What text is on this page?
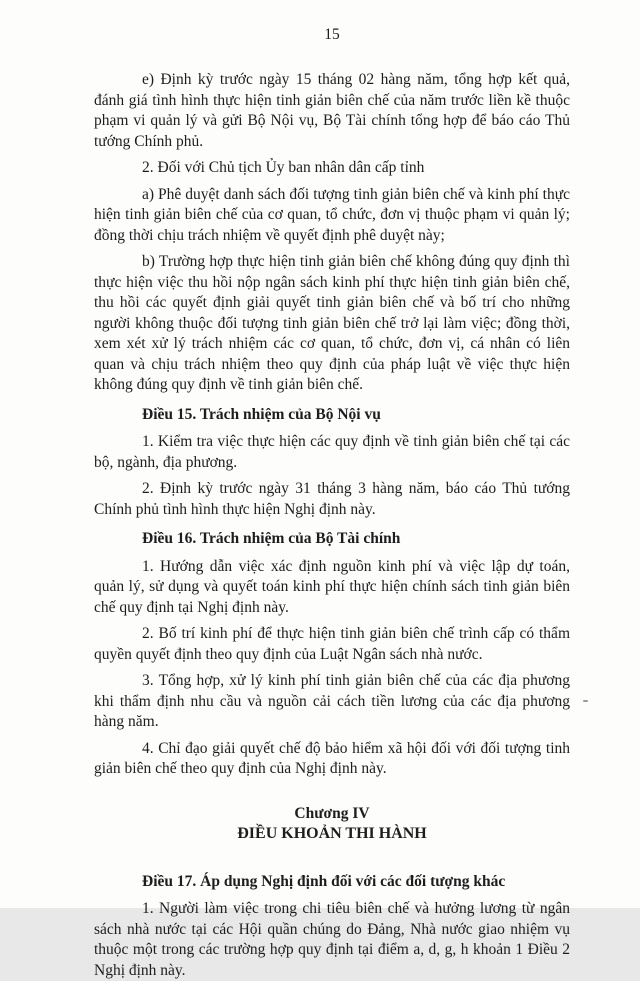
15

e) Định kỳ trước ngày 15 tháng 02 hàng năm, tổng hợp kết quả, đánh giá tình hình thực hiện tinh giản biên chế của năm trước liền kề thuộc phạm vi quản lý và gửi Bộ Nội vụ, Bộ Tài chính tổng hợp để báo cáo Thủ tướng Chính phủ.

2. Đối với Chủ tịch Ủy ban nhân dân cấp tỉnh

a) Phê duyệt danh sách đối tượng tinh giản biên chế và kinh phí thực hiện tinh giản biên chế của cơ quan, tổ chức, đơn vị thuộc phạm vi quản lý; đồng thời chịu trách nhiệm về quyết định phê duyệt này;

b) Trường hợp thực hiện tinh giản biên chế không đúng quy định thì thực hiện việc thu hồi nộp ngân sách kinh phí thực hiện tinh giản biên chế, thu hồi các quyết định giải quyết tinh giản biên chế và bố trí cho những người không thuộc đối tượng tinh giản biên chế trở lại làm việc; đồng thời, xem xét xử lý trách nhiệm các cơ quan, tổ chức, đơn vị, cá nhân có liên quan và chịu trách nhiệm theo quy định của pháp luật về việc thực hiện không đúng quy định về tinh giản biên chế.

Điều 15. Trách nhiệm của Bộ Nội vụ

1. Kiểm tra việc thực hiện các quy định về tinh giản biên chế tại các bộ, ngành, địa phương.

2. Định kỳ trước ngày 31 tháng 3 hàng năm, báo cáo Thủ tướng Chính phủ tình hình thực hiện Nghị định này.

Điều 16. Trách nhiệm của Bộ Tài chính

1. Hướng dẫn việc xác định nguồn kinh phí và việc lập dự toán, quản lý, sử dụng và quyết toán kinh phí thực hiện chính sách tinh giản biên chế quy định tại Nghị định này.

2. Bố trí kinh phí để thực hiện tinh giản biên chế trình cấp có thẩm quyền quyết định theo quy định của Luật Ngân sách nhà nước.

3. Tổng hợp, xử lý kinh phí tinh giản biên chế của các địa phương khi thẩm định nhu cầu và nguồn cải cách tiền lương của các địa phương hàng năm.

4. Chỉ đạo giải quyết chế độ bảo hiểm xã hội đối với đối tượng tinh giản biên chế theo quy định của Nghị định này.

Chương IV

ĐIỀU KHOẢN THI HÀNH

Điều 17. Áp dụng Nghị định đối với các đối tượng khác

1. Người làm việc trong chi tiêu biên chế và hưởng lương từ ngân sách nhà nước tại các Hội quần chúng do Đảng, Nhà nước giao nhiệm vụ thuộc một trong các trường hợp quy định tại điểm a, d, g, h khoản 1 Điều 2 Nghị định này.
